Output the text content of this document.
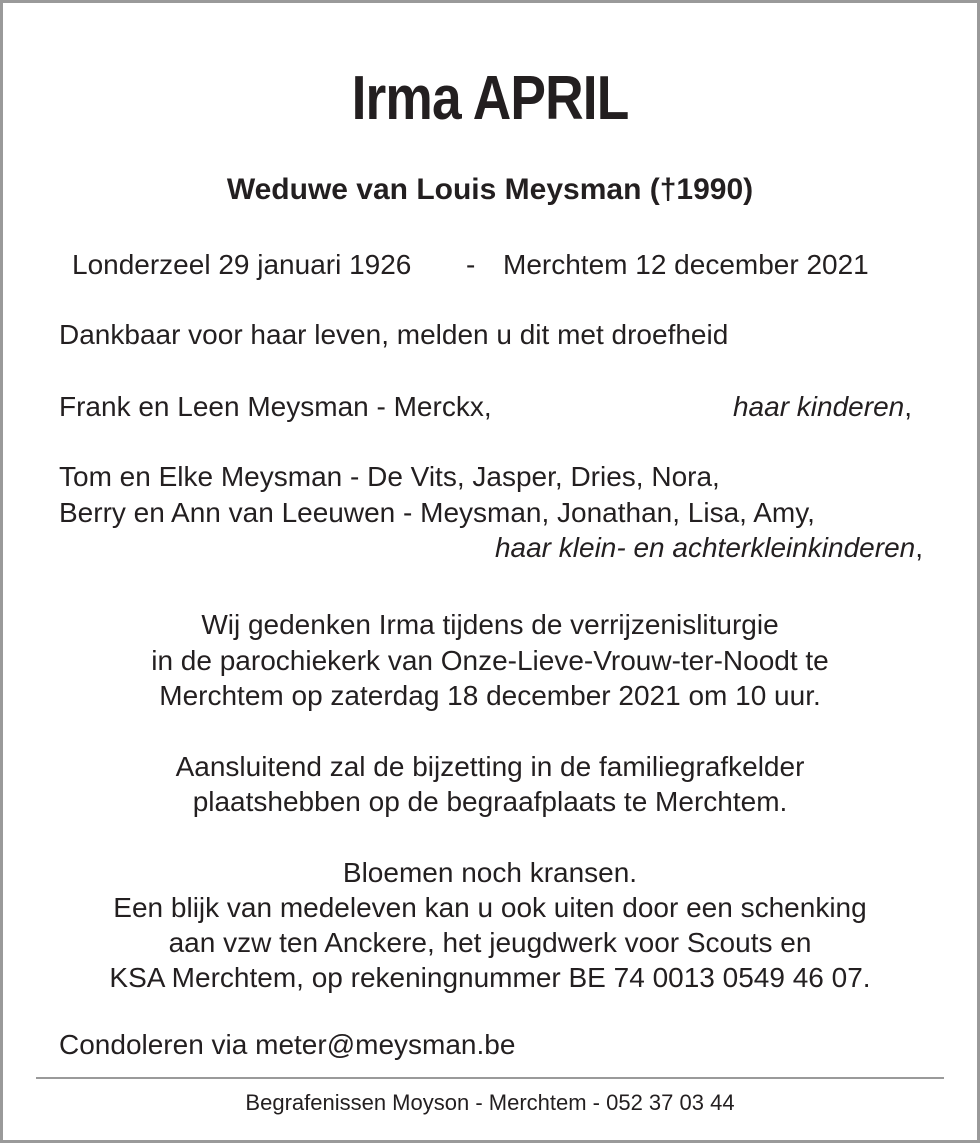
Irma APRIL
Weduwe van Louis Meysman (†1990)
Londerzeel 29 januari 1926 - Merchtem 12 december 2021
Dankbaar voor haar leven, melden u dit met droefheid
Frank en Leen Meysman - Merckx,	haar kinderen,
Tom en Elke Meysman - De Vits, Jasper, Dries, Nora,
Berry en Ann van Leeuwen - Meysman, Jonathan, Lisa, Amy,
haar klein- en achterkleinkinderen,
Wij gedenken Irma tijdens de verrijzenisliturgie
in de parochiekerk van Onze-Lieve-Vrouw-ter-Noodt te
Merchtem op zaterdag 18 december 2021 om 10 uur.
Aansluitend zal de bijzetting in de familiegrafkelder
plaatshebben op de begraafplaats te Merchtem.
Bloemen noch kransen.
Een blijk van medeleven kan u ook uiten door een schenking
aan vzw ten Anckere, het jeugdwerk voor Scouts en
KSA Merchtem, op rekeningnummer BE 74 0013 0549 46 07.
Condoleren via meter@meysman.be
Begrafenissen Moyson - Merchtem - 052 37 03 44
